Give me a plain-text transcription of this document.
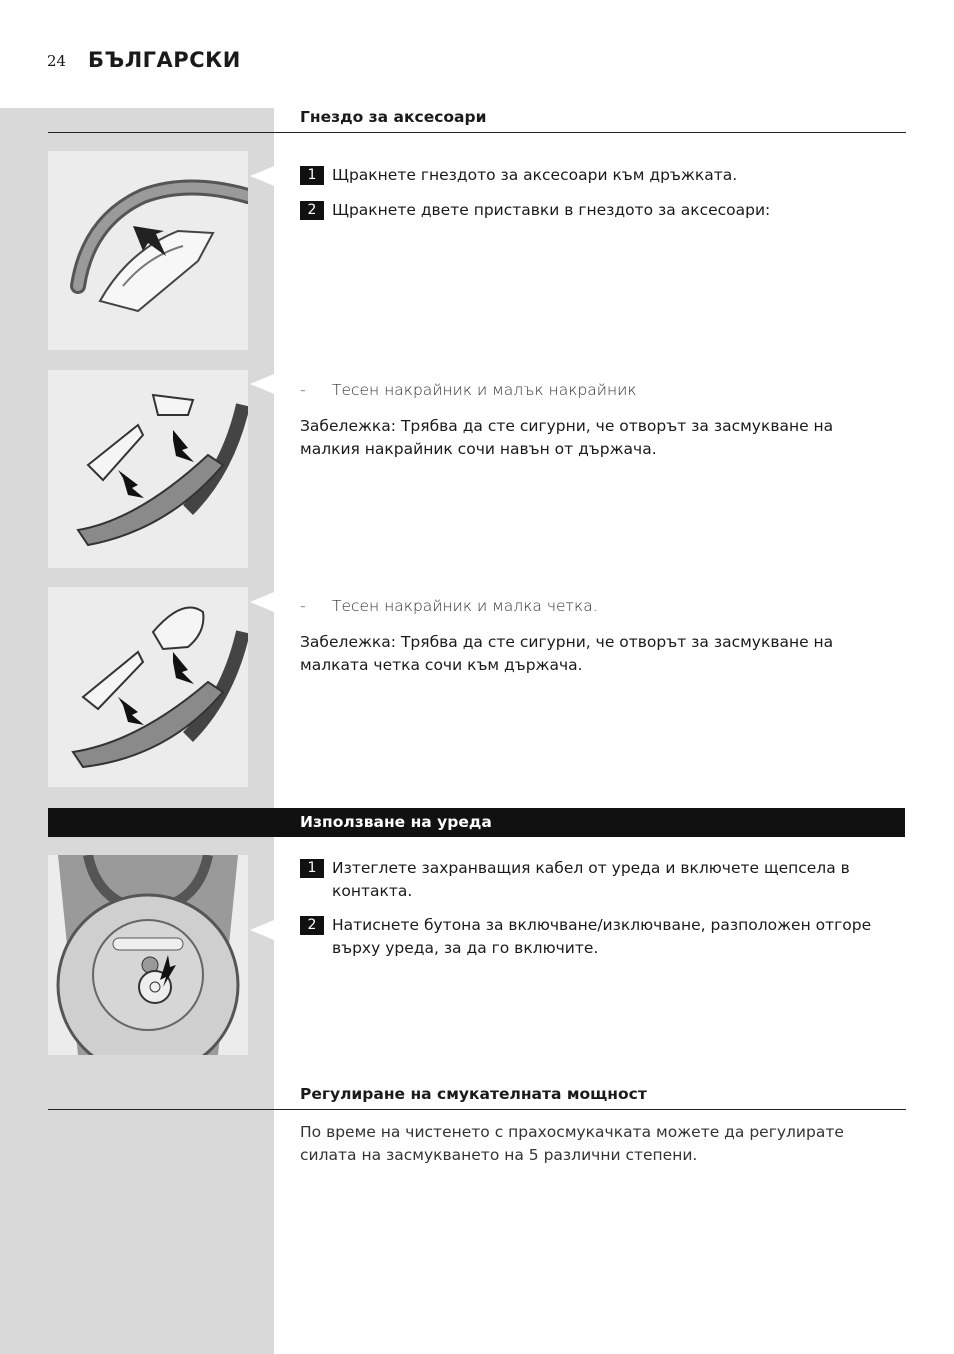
24 БЪЛГАРСКИ
Гнездо за аксесоари
1	Щракнете гнездото за аксесоари към дръжката.
2	Щракнете двете приставки в гнездото за аксесоари:
- Тесен накрайник и малък накрайник
Забележка: Трябва да сте сигурни, че отворът за засмукване на малкия накрайник сочи навън от държача.
- Тесен накрайник и малка четка.
Забележка: Трябва да сте сигурни, че отворът за засмукване на малката четка сочи към държача.
Използване на уреда
1	Изтеглете захранващия кабел от уреда и включете щепсела в контакта.
2	Натиснете бутона за включване/изключване, разположен отгоре върху уреда, за да го включите.
Регулиране на смукателната мощност
По време на чистенето с прахосмукачката можете да регулирате силата на засмукването на 5 различни степени.
